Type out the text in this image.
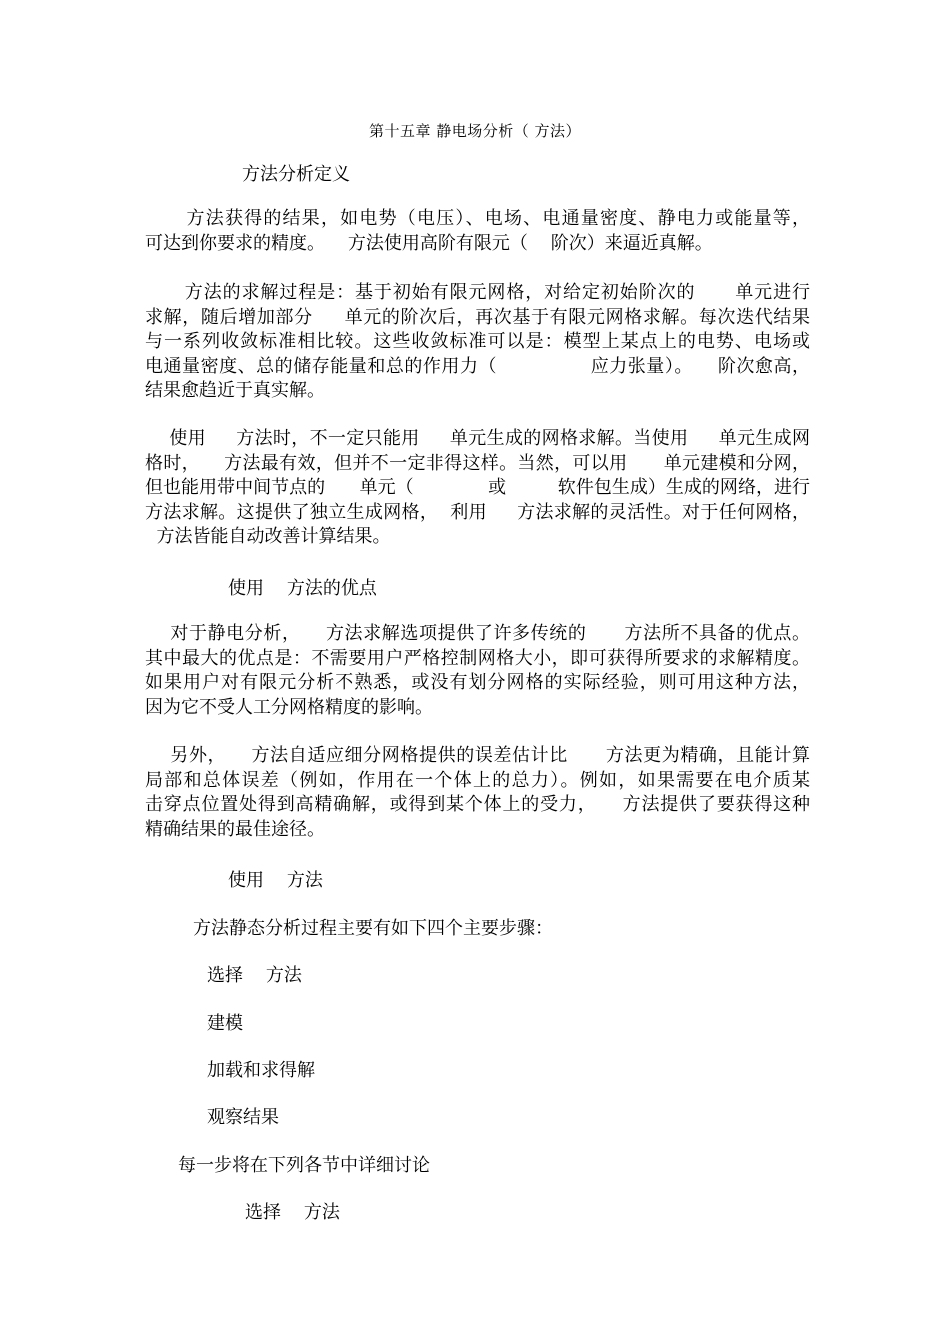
第十五章 静电场分析（ 方法）
方法分析定义
方法获得的结果，如电势（电压）、电场、电通量密度、静电力或能量等，
可达到你要求的精度。    方法使用高阶有限元（    阶次）来逼近真解。
方法的求解过程是：基于初始有限元网格，对给定初始阶次的      单元进行
求解，随后增加部分     单元的阶次后，再次基于有限元网格求解。每次迭代结果
与一系列收敛标准相比较。这些收敛标准可以是：模型上某点上的电势、电场或
电通量密度、总的储存能量和总的作用力（               应力张量）。    阶次愈高，
结果愈趋近于真实解。
使用     方法时，不一定只能用     单元生成的网格求解。当使用     单元生成网
格时，    方法最有效，但并不一定非得这样。当然，可以用      单元建模和分网，
但也能用带中间节点的      单元（             或         软件包生成）生成的网络，进行
方法求解。这提供了独立生成网格，  利用     方法求解的灵活性。对于任何网格，
方法皆能自动改善计算结果。
使用    方法的优点
对于静电分析，    方法求解选项提供了许多传统的      方法所不具备的优点。
其中最大的优点是：不需要用户严格控制网格大小，即可获得所要求的求解精度。
如果用户对有限元分析不熟悉，或没有划分网格的实际经验，则可用这种方法，
因为它不受人工分网格精度的影响。
另外，    方法自适应细分网格提供的误差估计比      方法更为精确，且能计算
局部和总体误差（例如，作用在一个体上的总力）。例如，如果需要在电介质某
击穿点位置处得到高精确解，或得到某个体上的受力，    方法提供了要获得这种
精确结果的最佳途径。
使用    方法
方法静态分析过程主要有如下四个主要步骤：
选择    方法
建模
加载和求得解
观察结果
每一步将在下列各节中详细讨论
选择    方法
